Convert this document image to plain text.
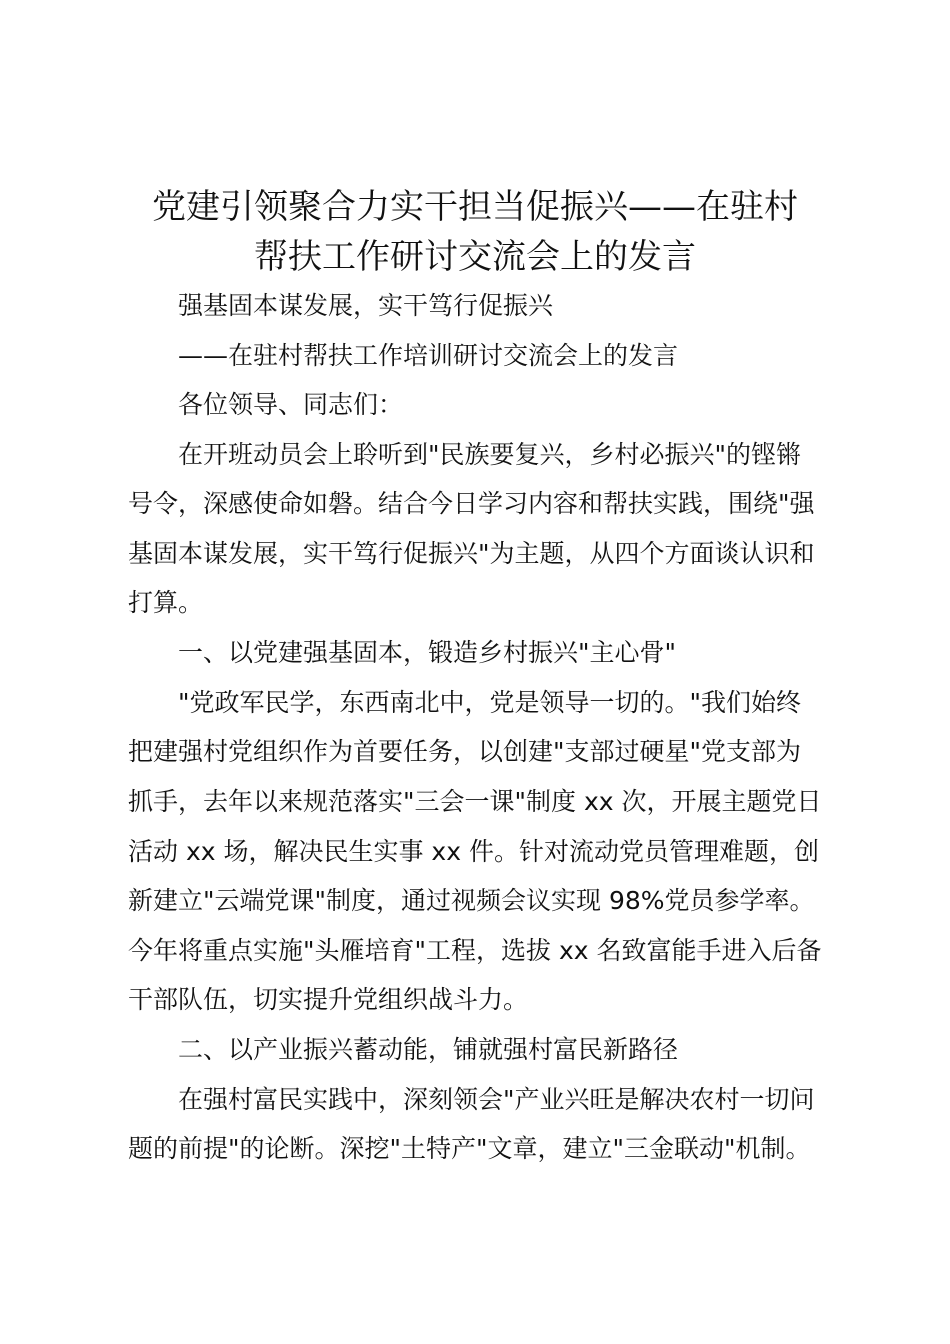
党建引领聚合力实干担当促振兴——在驻村
帮扶工作研讨交流会上的发言
强基固本谋发展，实干笃行促振兴
——在驻村帮扶工作培训研讨交流会上的发言
各位领导、同志们：
在开班动员会上聆听到"民族要复兴，乡村必振兴"的铿锵
号令，深感使命如磐。结合今日学习内容和帮扶实践，围绕"强
基固本谋发展，实干笃行促振兴"为主题，从四个方面谈认识和
打算。
一、以党建强基固本，锻造乡村振兴"主心骨"
"党政军民学，东西南北中，党是领导一切的。"我们始终
把建强村党组织作为首要任务，以创建"支部过硬星"党支部为
抓手，去年以来规范落实"三会一课"制度 xx 次，开展主题党日
活动 xx 场，解决民生实事 xx 件。针对流动党员管理难题，创
新建立"云端党课"制度，通过视频会议实现 98%党员参学率。
今年将重点实施"头雁培育"工程，选拔 xx 名致富能手进入后备
干部队伍，切实提升党组织战斗力。
二、以产业振兴蓄动能，铺就强村富民新路径
在强村富民实践中，深刻领会"产业兴旺是解决农村一切问
题的前提"的论断。深挖"土特产"文章，建立"三金联动"机制。
